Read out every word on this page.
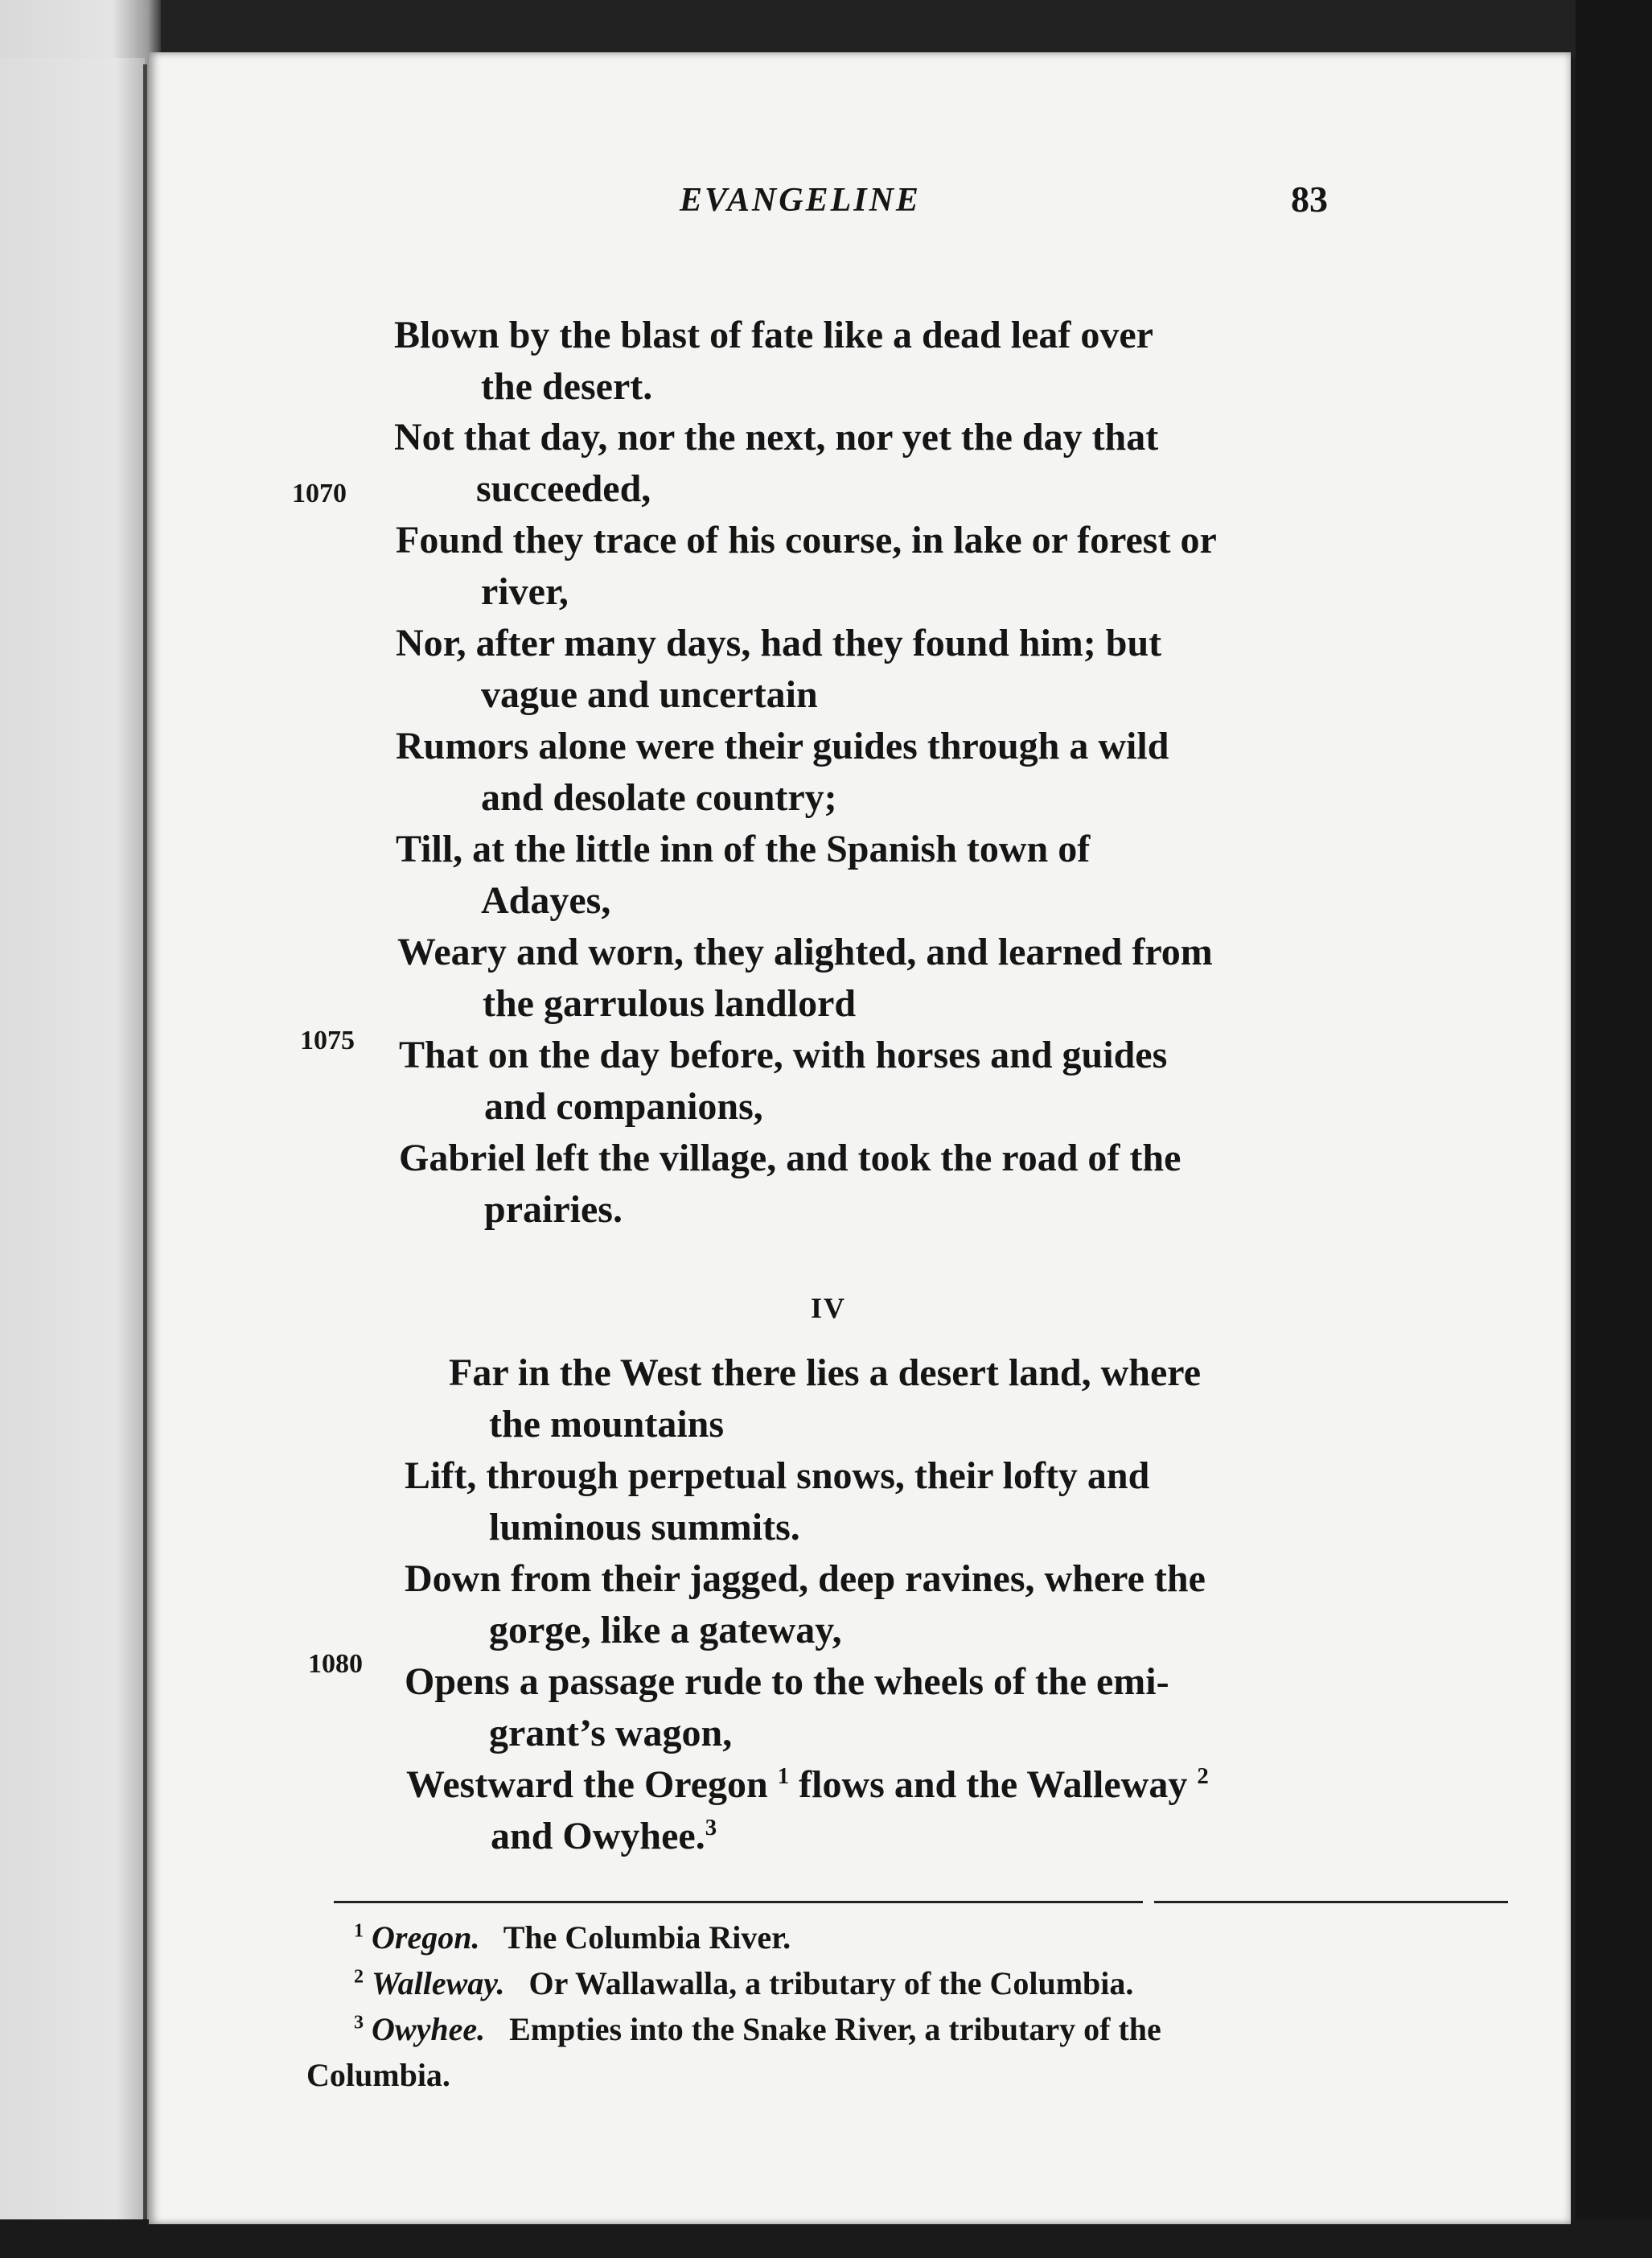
EVANGELINE	83
Blown by the blast of fate like a dead leaf over
the desert.
Not that day, nor the next, nor yet the day that
1070	succeeded,
Found they trace of his course, in lake or forest or
river,
Nor, after many days, had they found him; but
vague and uncertain
Rumors alone were their guides through a wild
and desolate country;
Till, at the little inn of the Spanish town of
Adayes,
Weary and worn, they alighted, and learned from
1075
the garrulous landlord
That on the day before, with horses and guides
and companions,
Gabriel left the village, and took the road of the
prairies.
IV
Far in the West there lies a desert land, where
the mountains
Lift, through perpetual snows, their lofty and
luminous summits.
Down from their jagged, deep ravines, where the
1080
gorge, like a gateway,
Opens a passage rude to the wheels of the emi-
grant’s wagon,
Westward the Oregon $^1$ flows and the Walleway $^2$
and Owyhee.$^3$
$^1$ Oregon. The Columbia River.
$^2$ Walleway. Or Wallawalla, a tributary of the Columbia.
$^3$ Owyhee. Empties into the Snake River, a tributary of the
Columbia.
